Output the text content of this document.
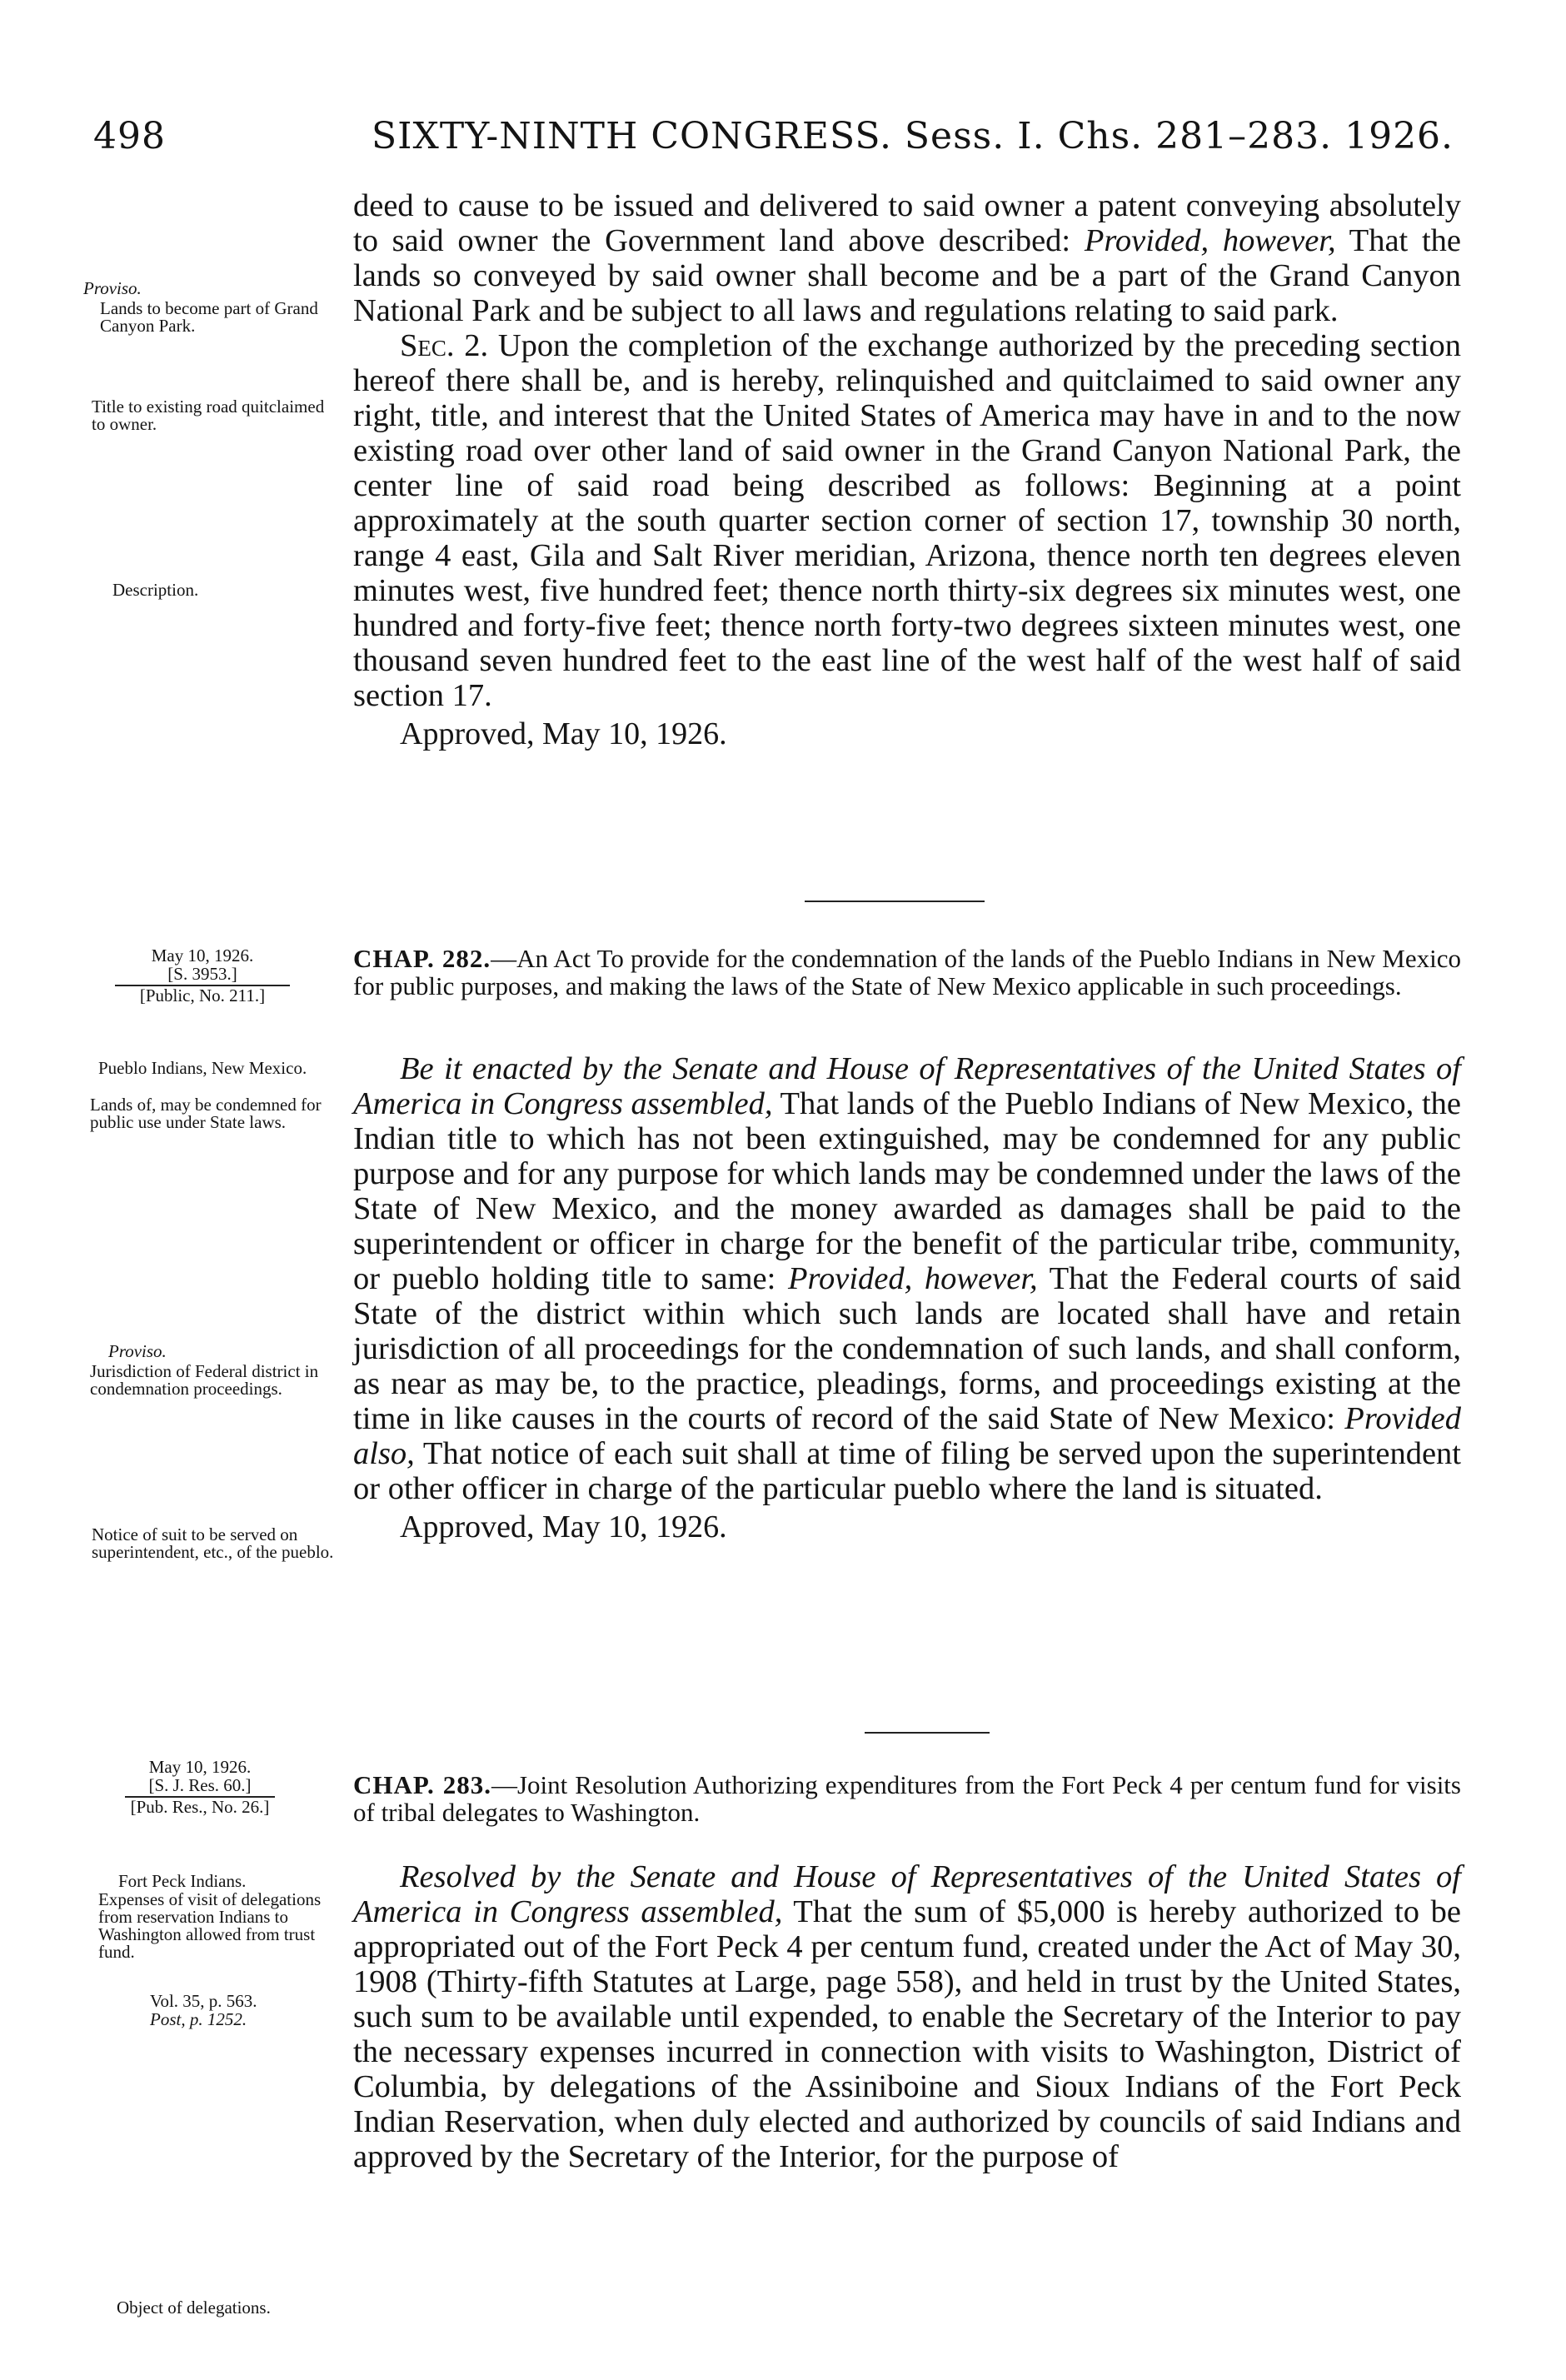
498	SIXTY-NINTH CONGRESS. Sess. I. Chs. 281–283. 1926.

deed to cause to be issued and delivered to said owner a patent conveying absolutely to said owner the Government land above described: Provided, however, That the lands so conveyed by said owner shall become and be a part of the Grand Canyon National Park and be subject to all laws and regulations relating to said park.

Sec. 2. Upon the completion of the exchange authorized by the preceding section hereof there shall be, and is hereby, relinquished and quitclaimed to said owner any right, title, and interest that the United States of America may have in and to the now existing road over other land of said owner in the Grand Canyon National Park, the center line of said road being described as follows: Beginning at a point approximately at the south quarter section corner of section 17, township 30 north, range 4 east, Gila and Salt River meridian, Arizona, thence north ten degrees eleven minutes west, five hundred feet; thence north thirty-six degrees six minutes west, one hundred and forty-five feet; thence north forty-two degrees sixteen minutes west, one thousand seven hundred feet to the east line of the west half of the west half of said section 17.

Approved, May 10, 1926.

Proviso.
Lands to become part of Grand Canyon Park.
Title to existing road quitclaimed to owner.
Description.
May 10, 1926.
[S. 3953.]
[Public, No. 211.]
CHAP. 282.—An Act To provide for the condemnation of the lands of the Pueblo Indians in New Mexico for public purposes, and making the laws of the State of New Mexico applicable in such proceedings.

Be it enacted by the Senate and House of Representatives of the United States of America in Congress assembled, That lands of the Pueblo Indians of New Mexico, the Indian title to which has not been extinguished, may be condemned for any public purpose and for any purpose for which lands may be condemned under the laws of the State of New Mexico, and the money awarded as damages shall be paid to the superintendent or officer in charge for the benefit of the particular tribe, community, or pueblo holding title to same: Provided, however, That the Federal courts of said State of the district within which such lands are located shall have and retain jurisdiction of all proceedings for the condemnation of such lands, and shall conform, as near as may be, to the practice, pleadings, forms, and proceedings existing at the time in like causes in the courts of record of the said State of New Mexico: Provided also, That notice of each suit shall at time of filing be served upon the superintendent or other officer in charge of the particular pueblo where the land is situated.

Approved, May 10, 1926.

Pueblo Indians, New Mexico.
Lands of, may be condemned for public use under State laws.
Proviso.
Jurisdiction of Federal district in condemnation proceedings.
Notice of suit to be served on superintendent, etc., of the pueblo.
May 10, 1926.
[S. J. Res. 60.]
[Pub. Res., No. 26.]
CHAP. 283.—Joint Resolution Authorizing expenditures from the Fort Peck 4 per centum fund for visits of tribal delegates to Washington.

Resolved by the Senate and House of Representatives of the United States of America in Congress assembled, That the sum of $5,000 is hereby authorized to be appropriated out of the Fort Peck 4 per centum fund, created under the Act of May 30, 1908 (Thirty-fifth Statutes at Large, page 558), and held in trust by the United States, such sum to be available until expended, to enable the Secretary of the Interior to pay the necessary expenses incurred in connection with visits to Washington, District of Columbia, by delegations of the Assiniboine and Sioux Indians of the Fort Peck Indian Reservation, when duly elected and authorized by councils of said Indians and approved by the Secretary of the Interior, for the purpose of

Fort Peck Indians.
Expenses of visit of delegations from reservation Indians to Washington allowed from trust fund.
Vol. 35, p. 563.
Post, p. 1252.
Object of delegations.
